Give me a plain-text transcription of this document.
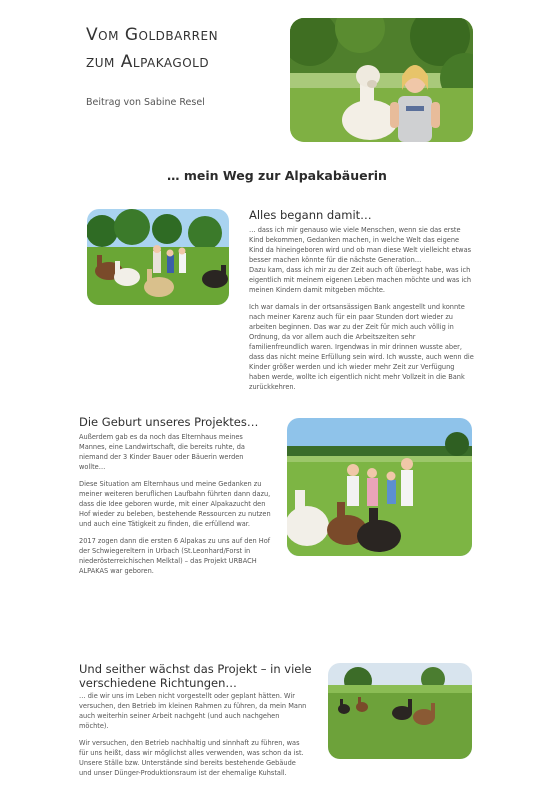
Vom Goldbarren
zum Alpakagold
Beitrag von Sabine Resel
… mein Weg zur Alpakabäuerin
Alles begann damit…

… dass ich mir genauso wie viele Menschen, wenn sie das erste Kind bekommen, Gedanken machen, in welche Welt das eigene Kind da hineingeboren wird und ob man diese Welt vielleicht etwas besser machen könnte für die nächste Generation…

Dazu kam, dass ich mir zu der Zeit auch oft überlegt habe, was ich eigentlich mit meinem eigenen Leben machen möchte und was ich meinen Kindern damit mitgeben möchte.

Ich war damals in der ortsansässigen Bank angestellt und konnte nach meiner Karenz auch für ein paar Stunden dort wieder zu arbeiten beginnen. Das war zu der Zeit für mich auch völlig in Ordnung, da vor allem auch die Arbeitszeiten sehr familienfreundlich waren. Irgendwas in mir drinnen wusste aber, dass das nicht meine Erfüllung sein wird. Ich wusste, auch wenn die Kinder größer werden und ich wieder mehr Zeit zur Verfügung haben werde, wollte ich eigentlich nicht mehr Vollzeit in die Bank zurückkehren.

Die Geburt unseres Projektes…

Außerdem gab es da noch das Elternhaus meines Mannes, eine Landwirtschaft, die bereits ruhte, da niemand der 3 Kinder Bauer oder Bäuerin werden wollte…

Diese Situation am Elternhaus und meine Gedanken zu meiner weiteren beruflichen Laufbahn führten dann dazu, dass die Idee geboren wurde, mit einer Alpakazucht den Hof wieder zu beleben, bestehende Ressourcen zu nutzen und auch eine Tätigkeit zu finden, die erfüllend war.

2017 zogen dann die ersten 6 Alpakas zu uns auf den Hof der Schwiegereltern in Urbach (St.Leonhard/Forst in niederösterreichischen Melktal) – das Projekt URBACH ALPAKAS war geboren.

Und seither wächst das Projekt – in viele
verschiedene Richtungen…

… die wir uns im Leben nicht vorgestellt oder geplant hätten. Wir versuchen, den Betrieb im kleinen Rahmen zu führen, da mein Mann auch weiterhin seiner Arbeit nachgeht (und auch nachgehen möchte).

Wir versuchen, den Betrieb nachhaltig und sinnhaft zu führen, was für uns heißt, dass wir möglichst alles verwenden, was schon da ist. Unsere Ställe bzw. Unterstände sind bereits bestehende Gebäude und unser Dünger-Produktionsraum ist der ehemalige Kuhstall.
